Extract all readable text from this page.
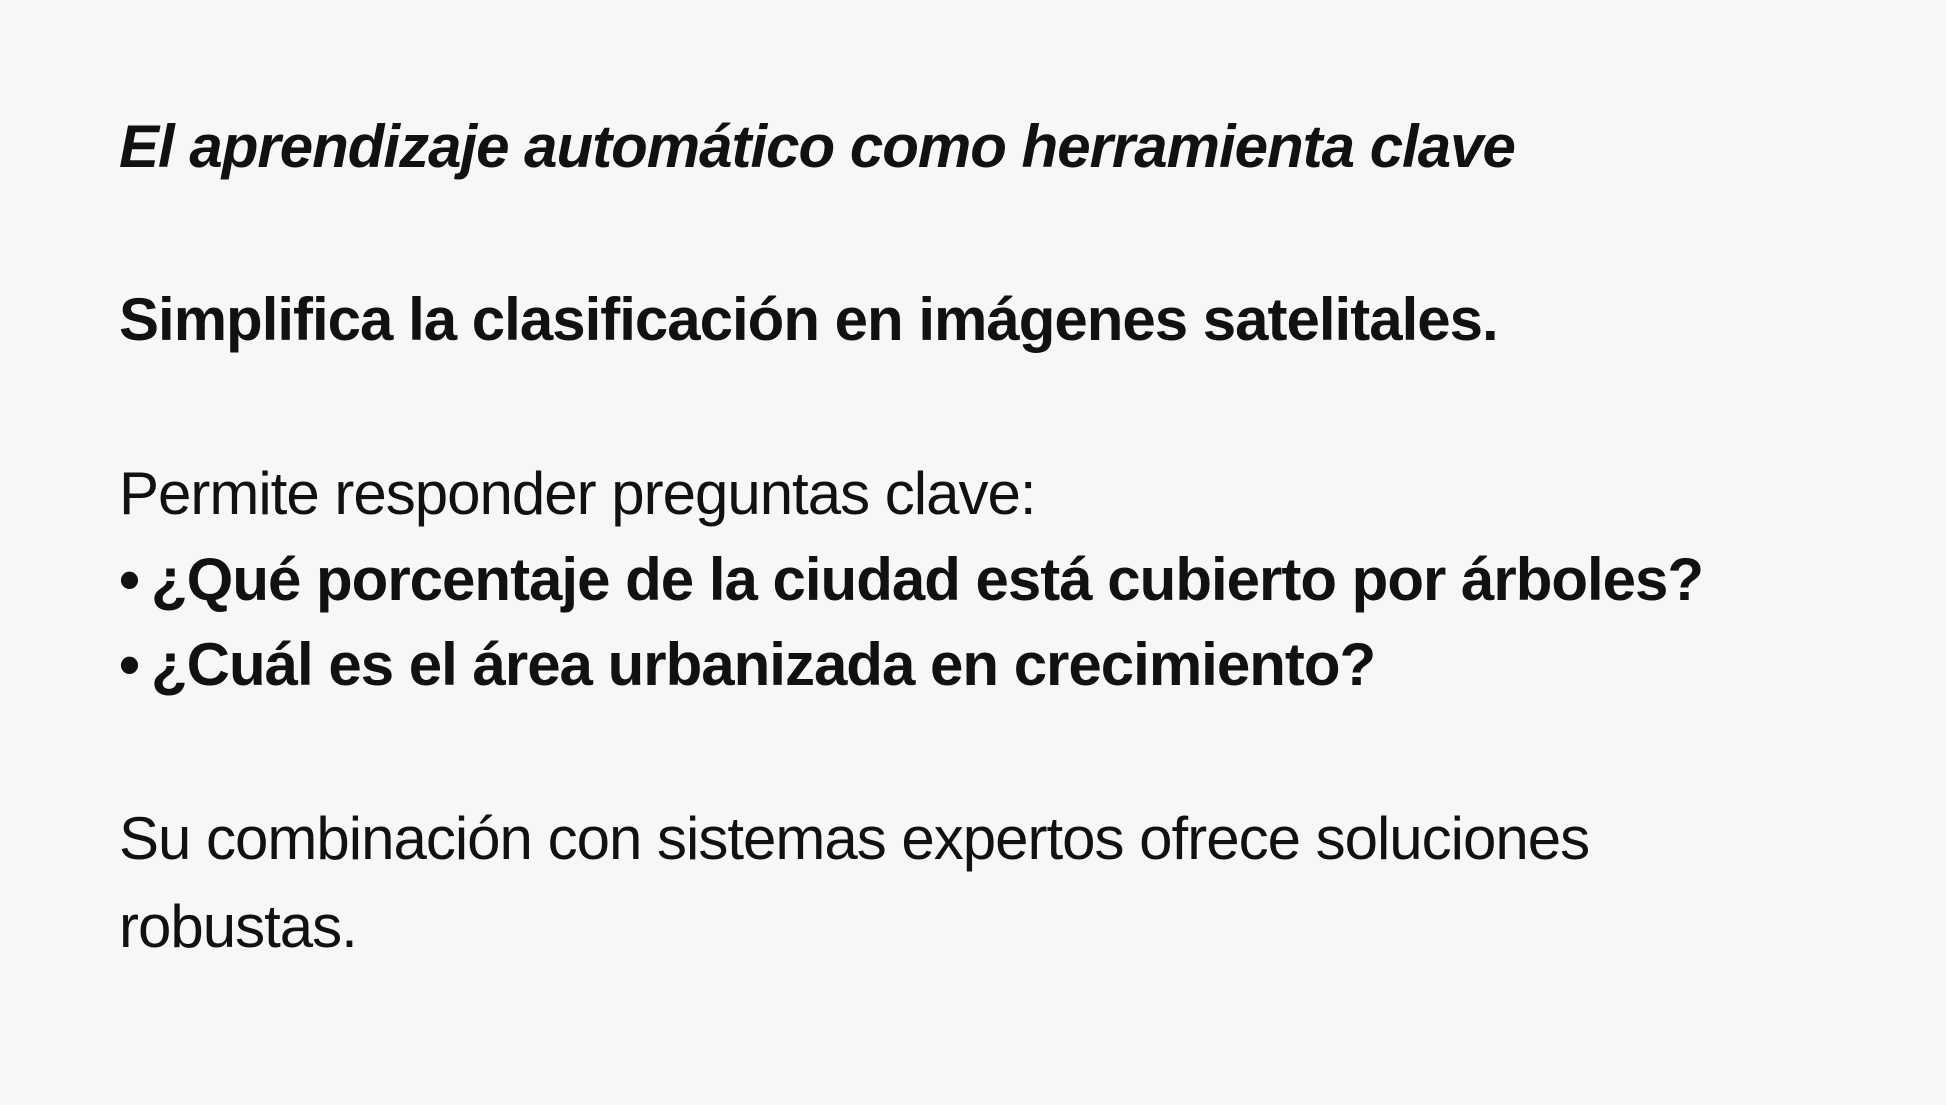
El aprendizaje automático como herramienta clave
Simplifica la clasificación en imágenes satelitales.
Permite responder preguntas clave:
• ¿Qué porcentaje de la ciudad está cubierto por árboles?
• ¿Cuál es el área urbanizada en crecimiento?
Su combinación con sistemas expertos ofrece soluciones
robustas.
